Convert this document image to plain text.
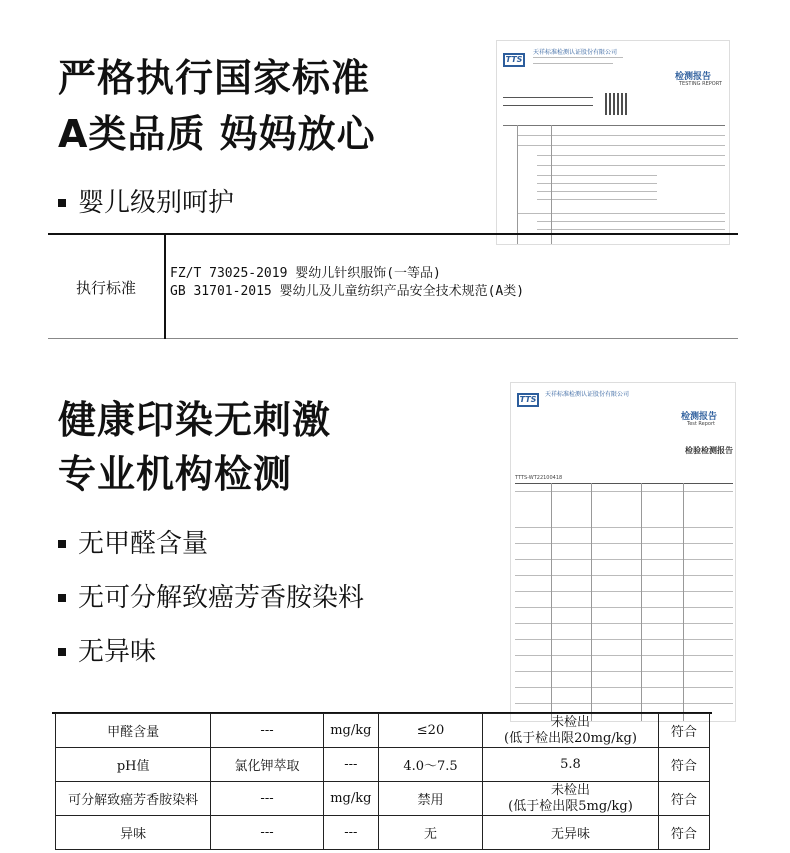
严格执行国家标准
A类品质 妈妈放心
婴儿级别呵护
TTS
天祥标准检测认证股份有限公司
检测报告
TESTING REPORT
执行标准
FZ/T 73025-2019 婴幼儿针织服饰(一等品)
GB 31701-2015 婴幼儿及儿童纺织产品安全技术规范(A类)
健康印染无刺激
专业机构检测
无甲醛含量
无可分解致癌芳香胺染料
无异味
TTS
天祥标准检测认证股份有限公司
检测报告
Test Report
检验检测报告
TTTS-WT22100418
甲醛含量	---	mg/kg	≤20	未检出
(低于检出限20mg/kg)	符合
pH值	氯化钾萃取	---	4.0～7.5	5.8	符合
可分解致癌芳香胺染料	---	mg/kg	禁用	未检出
(低于检出限5mg/kg)	符合
异味	---	---	无	无异味	符合
